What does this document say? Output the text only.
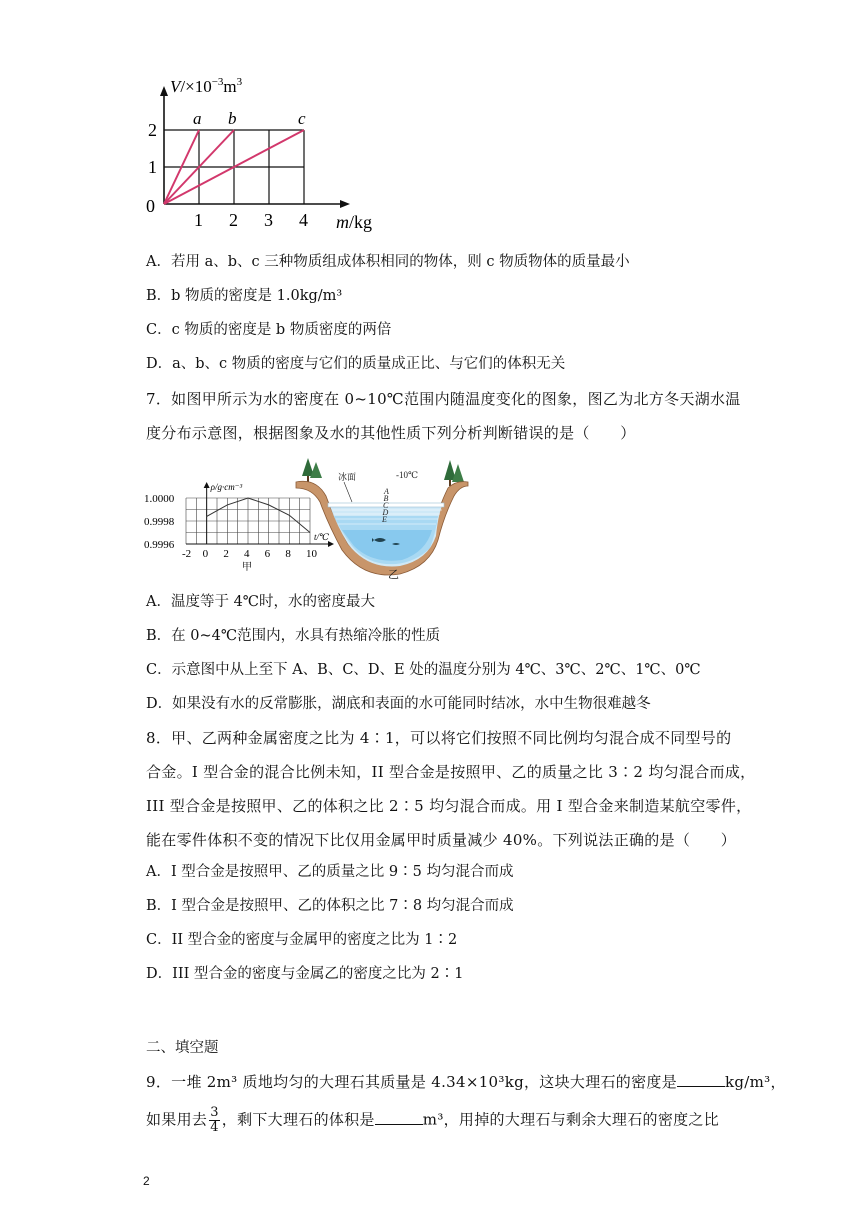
a b	c
1 2 3 4
1
2
0
$V/\times 10^{-3}m^3$
m/kg
A．若用 a、b、c 三种物质组成体积相同的物体，则 c 物质物体的质量最小
B．b 物质的密度是 1.0kg/m³
C．c 物质的密度是 b 物质密度的两倍
D．a、b、c 物质的密度与它们的质量成正比、与它们的体积无关
7．如图甲所示为水的密度在 0~10℃范围内随温度变化的图象，图乙为北方冬天湖水温
度分布示意图，根据图象及水的其他性质下列分析判断错误的是（　　）
ρ/g·cm⁻³
t/℃
1.0000
0.9998
0.9996
-2 0 2 4 6 8 10
甲
冰面	-10℃
A
B
C
D
E
乙
A．温度等于 4℃时，水的密度最大
B．在 0~4℃范围内，水具有热缩冷胀的性质
C．示意图中从上至下 A、B、C、D、E 处的温度分别为 4℃、3℃、2℃、1℃、0℃
D．如果没有水的反常膨胀，湖底和表面的水可能同时结冰，水中生物很难越冬
8．甲、乙两种金属密度之比为 4∶1，可以将它们按照不同比例均匀混合成不同型号的
合金。I 型合金的混合比例未知，II 型合金是按照甲、乙的质量之比 3∶2 均匀混合而成，
III 型合金是按照甲、乙的体积之比 2∶5 均匀混合而成。用 I 型合金来制造某航空零件，
能在零件体积不变的情况下比仅用金属甲时质量减少 40%。下列说法正确的是（　　）
A．I 型合金是按照甲、乙的质量之比 9∶5 均匀混合而成
B．I 型合金是按照甲、乙的体积之比 7∶8 均匀混合而成
C．II 型合金的密度与金属甲的密度之比为 1∶2
D．III 型合金的密度与金属乙的密度之比为 2∶1
二、填空题
9．一堆 2m³ 质地均匀的大理石其质量是 4.34×10³kg，这块大理石的密度是	kg/m³，
如果用去 $\frac{3}{4}$ ，剩下大理石的体积是	m³，用掉的大理石与剩余大理石的密度之比
2
